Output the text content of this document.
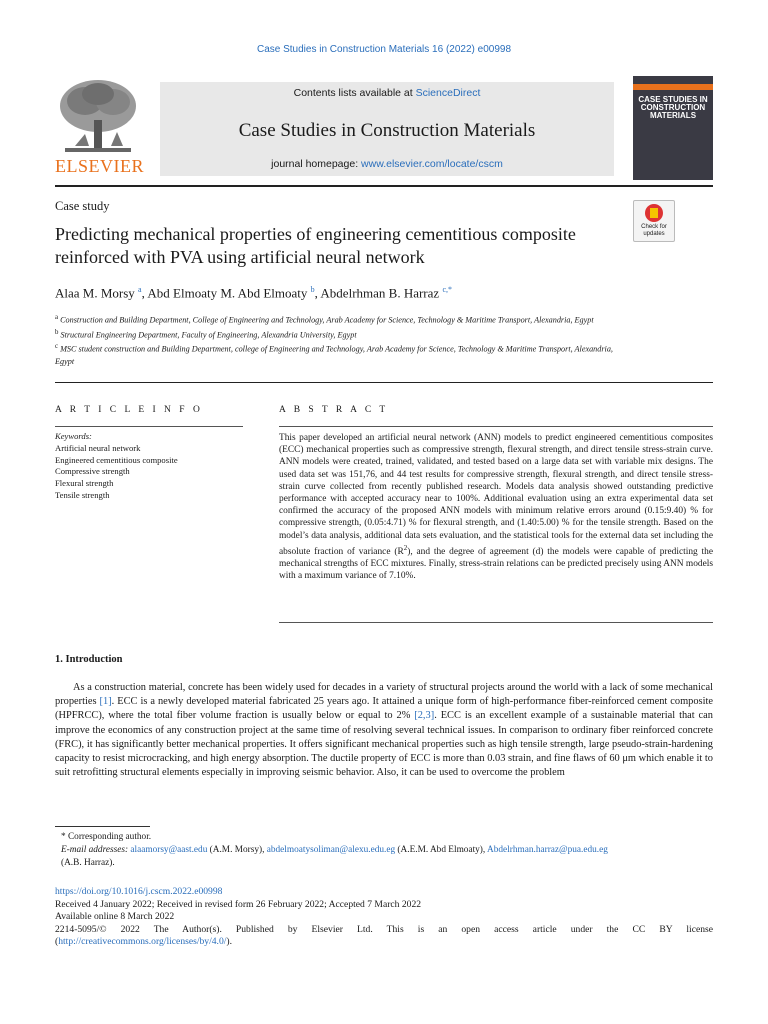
Case Studies in Construction Materials 16 (2022) e00998
ELSEVIER
Contents lists available at ScienceDirect
Case Studies in Construction Materials
journal homepage: www.elsevier.com/locate/cscm
CASE STUDIES IN CONSTRUCTION MATERIALS
Case study
Predicting mechanical properties of engineering cementitious composite reinforced with PVA using artificial neural network
Check for updates
Alaa M. Morsy $^a$, Abd Elmoaty M. Abd Elmoaty $^b$, Abdelrhman B. Harraz $^{c,*}$
$^a$ Construction and Building Department, College of Engineering and Technology, Arab Academy for Science, Technology & Maritime Transport, Alexandria, Egypt
$^b$ Structural Engineering Department, Faculty of Engineering, Alexandria University, Egypt
$^c$ MSC student construction and Building Department, college of Engineering and Technology, Arab Academy for Science, Technology & Maritime Transport, Alexandria, Egypt
A R T I C L E I N F O	A B S T R A C T
Keywords:
Artificial neural network
Engineered cementitious composite
Compressive strength
Flexural strength
Tensile strength
This paper developed an artificial neural network (ANN) models to predict engineered cementitious composites (ECC) mechanical properties such as compressive strength, flexural strength, and direct tensile stress-strain curve. ANN models were created, trained, validated, and tested based on a large data set with variable mix designs. The used data set was 151,76, and 44 test results for compressive strength, flexural strength, and direct tensile stress-strain curve collected from recently published research. Models data analysis showed outstanding predictive performance with accepted accuracy near to 100%. Additional evaluation using an extra experimental data set confirmed the accuracy of the proposed ANN models with minimum relative errors around (0.15:9.40) % for compressive strength, (0.05:4.71) % for flexural strength, and (1.40:5.00) % for the tensile strength. Based on the model’s data analysis, additional data sets evaluation, and the statistical tools for the external data set including the absolute fraction of variance $(R^2)$, and the degree of agreement (d) the models were capable of predicting the mechanical strengths of ECC mixtures. Finally, stress-strain relations can be predicted precisely using ANN models with a maximum variance of 7.10%.
1. Introduction
As a construction material, concrete has been widely used for decades in a variety of structural projects around the world with a lack of some mechanical properties [1]. ECC is a newly developed material fabricated 25 years ago. It attained a unique form of high-performance fiber-reinforced cement composite (HPFRCC), where the total fiber volume fraction is usually below or equal to 2% [2,3]. ECC is an excellent example of a sustainable material that can improve the economics of any construction project at the same time of resolving several technical issues. In comparison to ordinary fiber reinforced concrete (FRC), it has significantly better mechanical properties. It offers significant mechanical properties such as high tensile strength, large pseudo-strain-hardening capacity to resist microcracking, and high energy absorption. The ductile property of ECC is more than 0.03 strain, and fine flaws of 60 μm which enable it to suit retrofitting structural elements especially in improving seismic behavior. Also, it can be used to overcome the problem
* Corresponding author.
E-mail addresses: alaamorsy@aast.edu (A.M. Morsy), abdelmoatysoliman@alexu.edu.eg (A.E.M. Abd Elmoaty), Abdelrhman.harraz@pua.edu.eg
(A.B. Harraz).
https://doi.org/10.1016/j.cscm.2022.e00998
Received 4 January 2022; Received in revised form 26 February 2022; Accepted 7 March 2022
Available online 8 March 2022
2214-5095/© 2022 The Author(s). Published by Elsevier Ltd. This is an open access article under the CC BY license
(http://creativecommons.org/licenses/by/4.0/).
